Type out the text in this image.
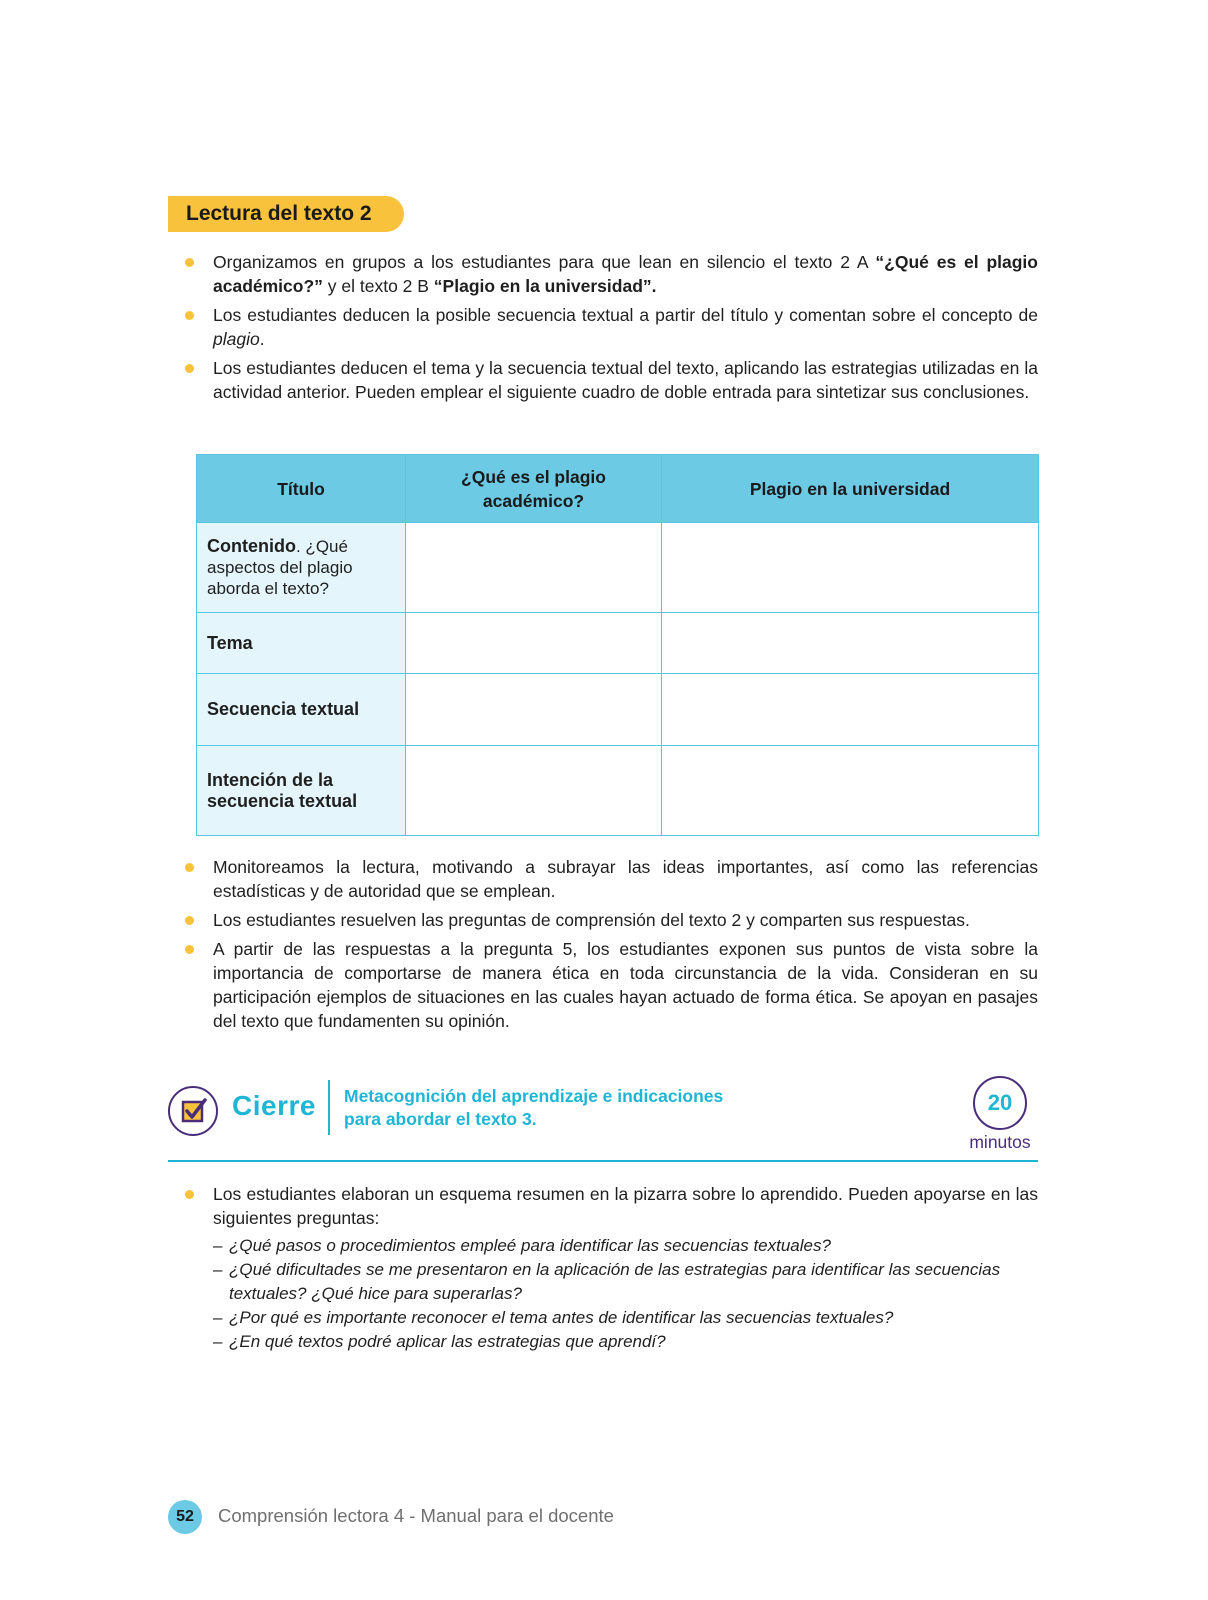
Lectura del texto 2
Organizamos en grupos a los estudiantes para que lean en silencio el texto 2 A “¿Qué es el plagio académico?” y el texto 2 B “Plagio en la universidad”.
Los estudiantes deducen la posible secuencia textual a partir del título y comentan sobre el concepto de plagio.
Los estudiantes deducen el tema y la secuencia textual del texto, aplicando las estrategias utilizadas en la actividad anterior. Pueden emplear el siguiente cuadro de doble entrada para sintetizar sus conclusiones.
Título	¿Qué es el plagio académico?	Plagio en la universidad
Contenido. ¿Qué aspectos del plagio aborda el texto?		
Tema		
Secuencia textual		
Intención de la secuencia textual		
Monitoreamos la lectura, motivando a subrayar las ideas importantes, así como las referencias estadísticas y de autoridad que se emplean.
Los estudiantes resuelven las preguntas de comprensión del texto 2 y comparten sus respuestas.
A partir de las respuestas a la pregunta 5, los estudiantes exponen sus puntos de vista sobre la importancia de comportarse de manera ética en toda circunstancia de la vida. Consideran en su participación ejemplos de situaciones en las cuales hayan actuado de forma ética. Se apoyan en pasajes del texto que fundamenten su opinión.
Cierre Metacognición del aprendizaje e indicaciones para abordar el texto 3.
20
minutos
Los estudiantes elaboran un esquema resumen en la pizarra sobre lo aprendido. Pueden apoyarse en las siguientes preguntas:
– ¿Qué pasos o procedimientos empleé para identificar las secuencias textuales?
– ¿Qué dificultades se me presentaron en la aplicación de las estrategias para identificar las secuencias textuales? ¿Qué hice para superarlas?
– ¿Por qué es importante reconocer el tema antes de identificar las secuencias textuales?
– ¿En qué textos podré aplicar las estrategias que aprendí?
52 Comprensión lectora 4 - Manual para el docente
